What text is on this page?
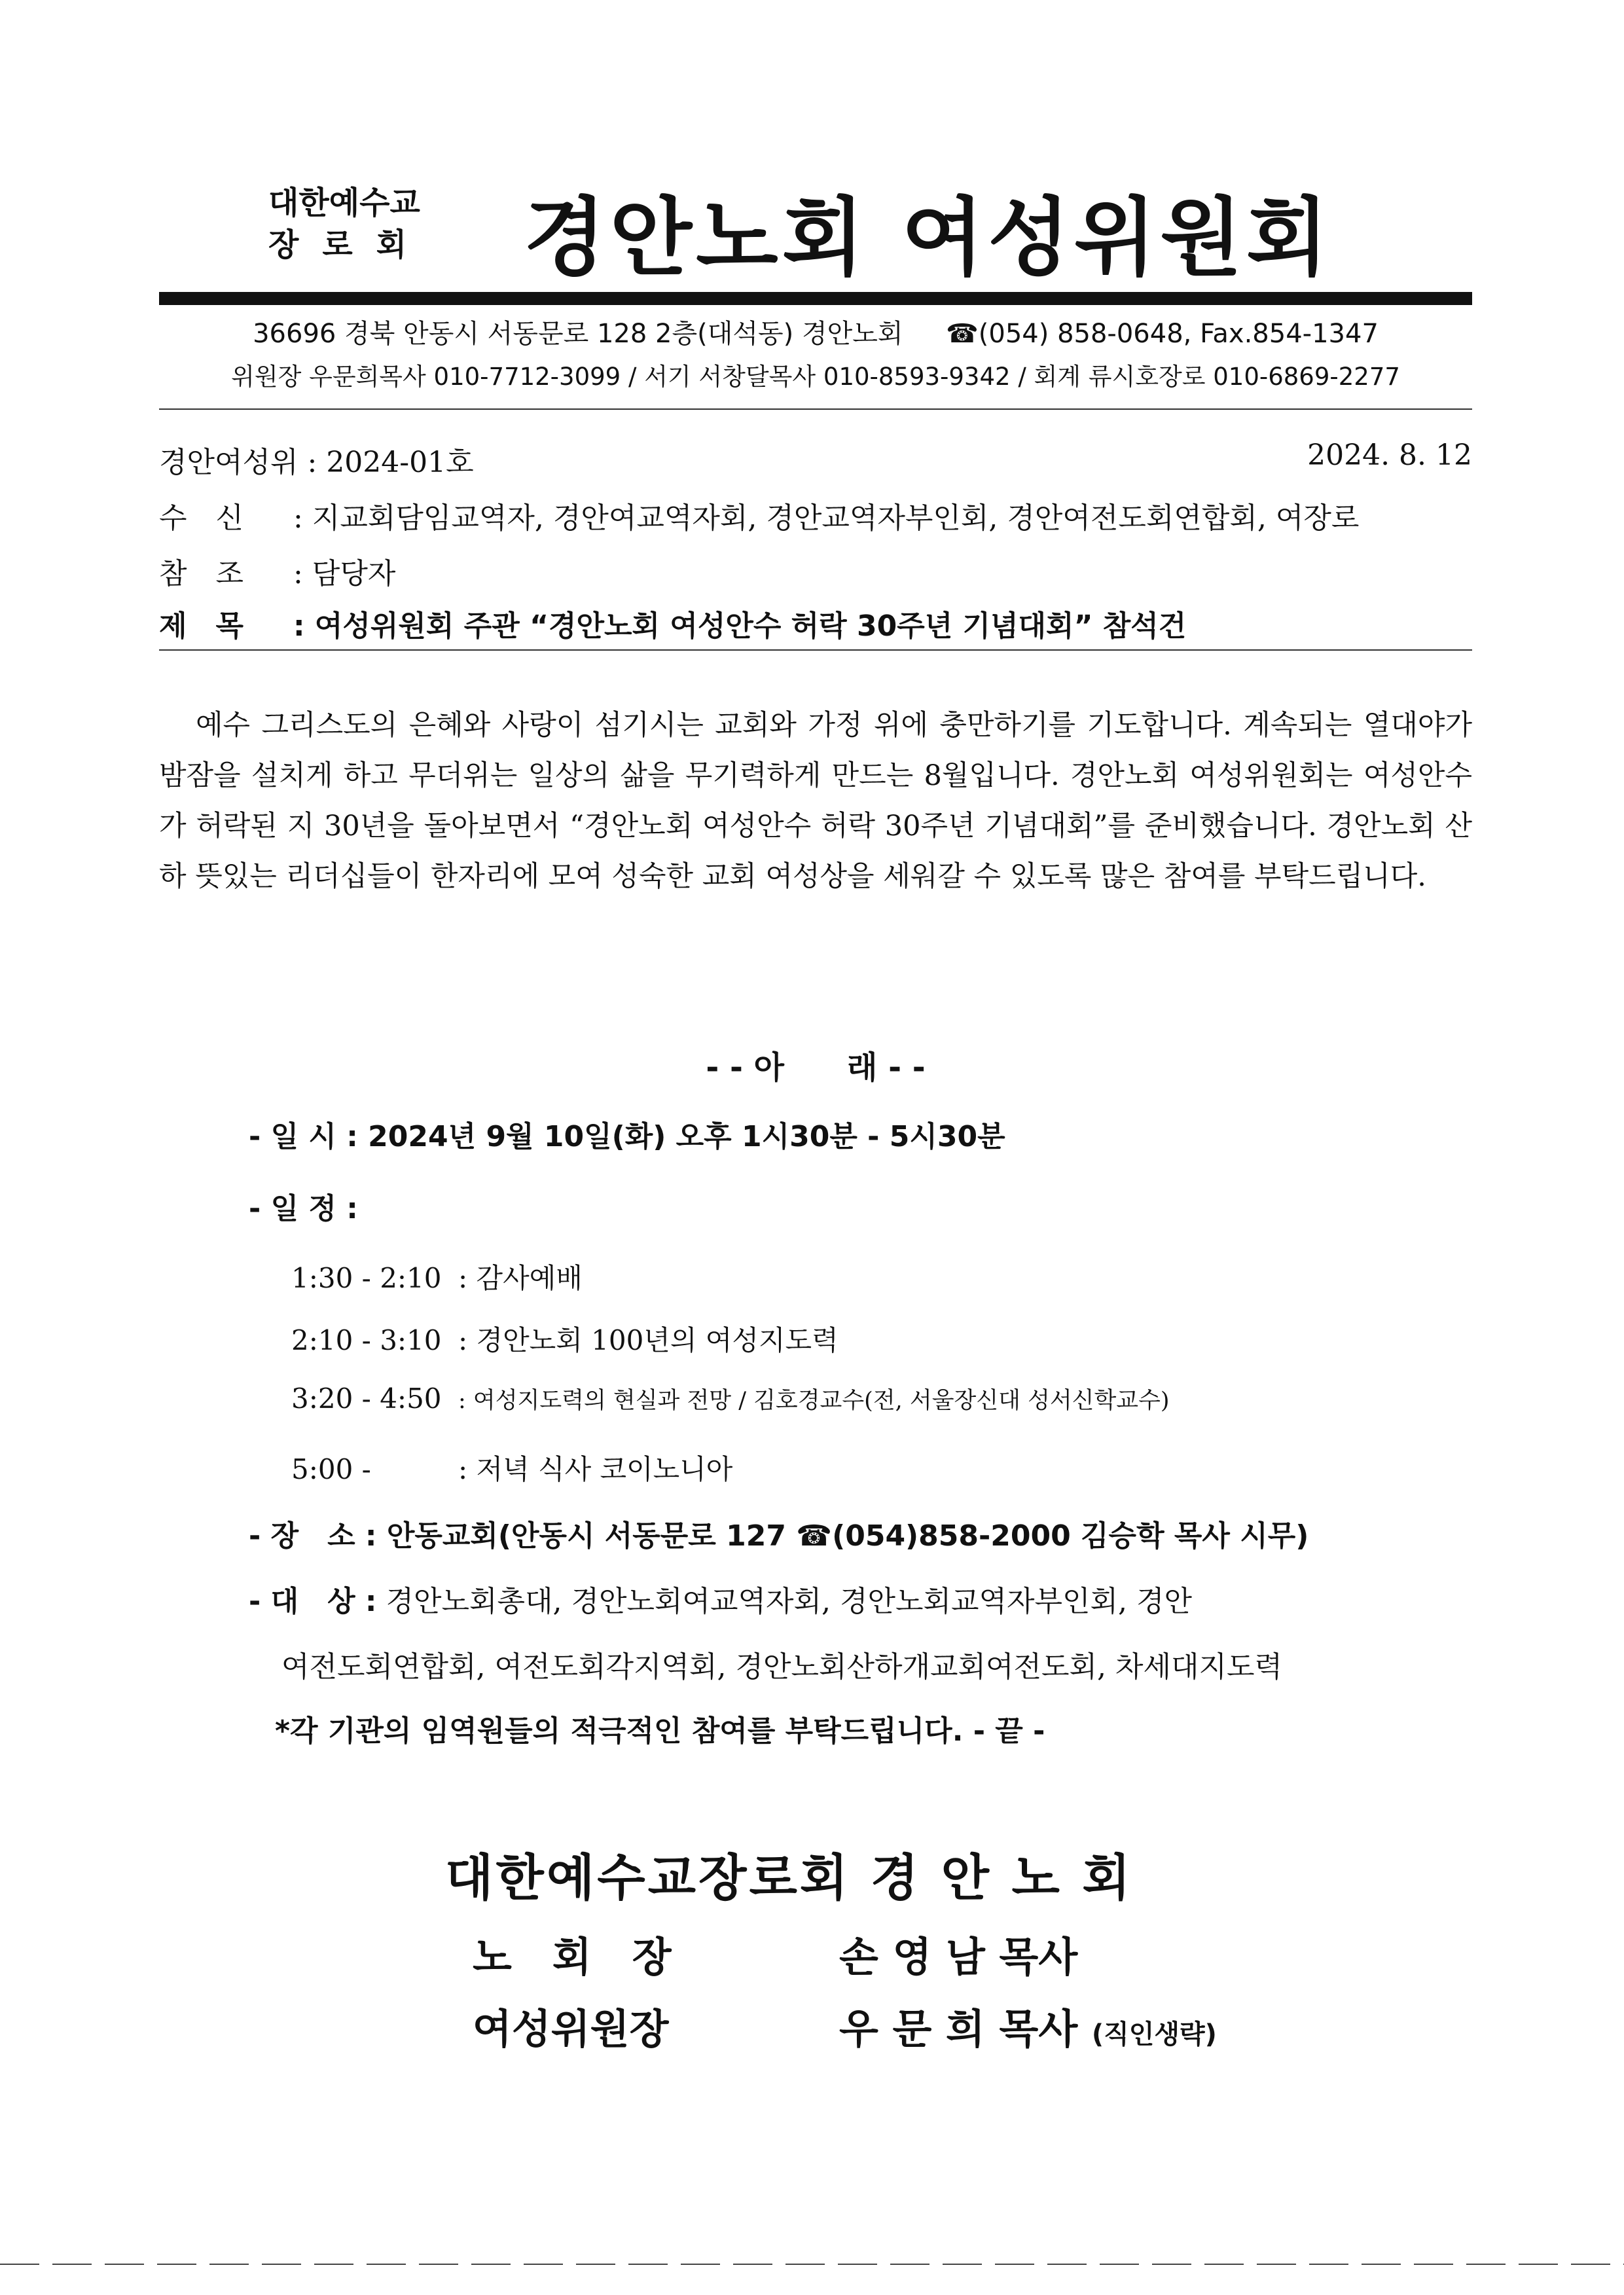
대한예수교
장로회 경안노회 여성위원회
36696 경북 안동시 서동문로 128 2층(대석동) 경안노회 ☎(054) 858-0648, Fax.854-1347
위원장 우문희목사 010-7712-3099 / 서기 서창달목사 010-8593-9342 / 회계 류시호장로 010-6869-2277
경안여성위 : 2024-01호	2024. 8. 12
수　신 : 지교회담임교역자, 경안여교역자회, 경안교역자부인회, 경안여전도회연합회, 여장로
참　조 : 담당자
제　목 : 여성위원회 주관 “경안노회 여성안수 허락 30주년 기념대회” 참석건
예수 그리스도의 은혜와 사랑이 섬기시는 교회와 가정 위에 충만하기를 기도합니다. 계속되는 열대야가 밤잠을 설치게 하고 무더위는 일상의 삶을 무기력하게 만드는 8월입니다. 경안노회 여성위원회는 여성안수가 허락된 지 30년을 돌아보면서 “경안노회 여성안수 허락 30주년 기념대회”를 준비했습니다. 경안노회 산하 뜻있는 리더십들이 한자리에 모여 성숙한 교회 여성상을 세워갈 수 있도록 많은 참여를 부탁드립니다.
- - 아　　래 - -
- 일 시 : 2024년 9월 10일(화) 오후 1시30분 - 5시30분
- 일 정 :
1:30 - 2:10 : 감사예배
2:10 - 3:10 : 경안노회 100년의 여성지도력
3:20 - 4:50 : 여성지도력의 현실과 전망 / 김호경교수(전, 서울장신대 성서신학교수)
5:00 -	: 저녁 식사 코이노니아
- 장　소 : 안동교회(안동시 서동문로 127 ☎(054)858-2000 김승학 목사 시무)
- 대　상 : 경안노회총대, 경안노회여교역자회, 경안노회교역자부인회, 경안
여전도회연합회, 여전도회각지역회, 경안노회산하개교회여전도회, 차세대지도력
*각 기관의 임역원들의 적극적인 참여를 부탁드립니다. - 끝 -
대한예수교장로회 경 안 노 회
노　회　장	손 영 남 목사
여성위원장	우 문 희 목사 (직인생략)
